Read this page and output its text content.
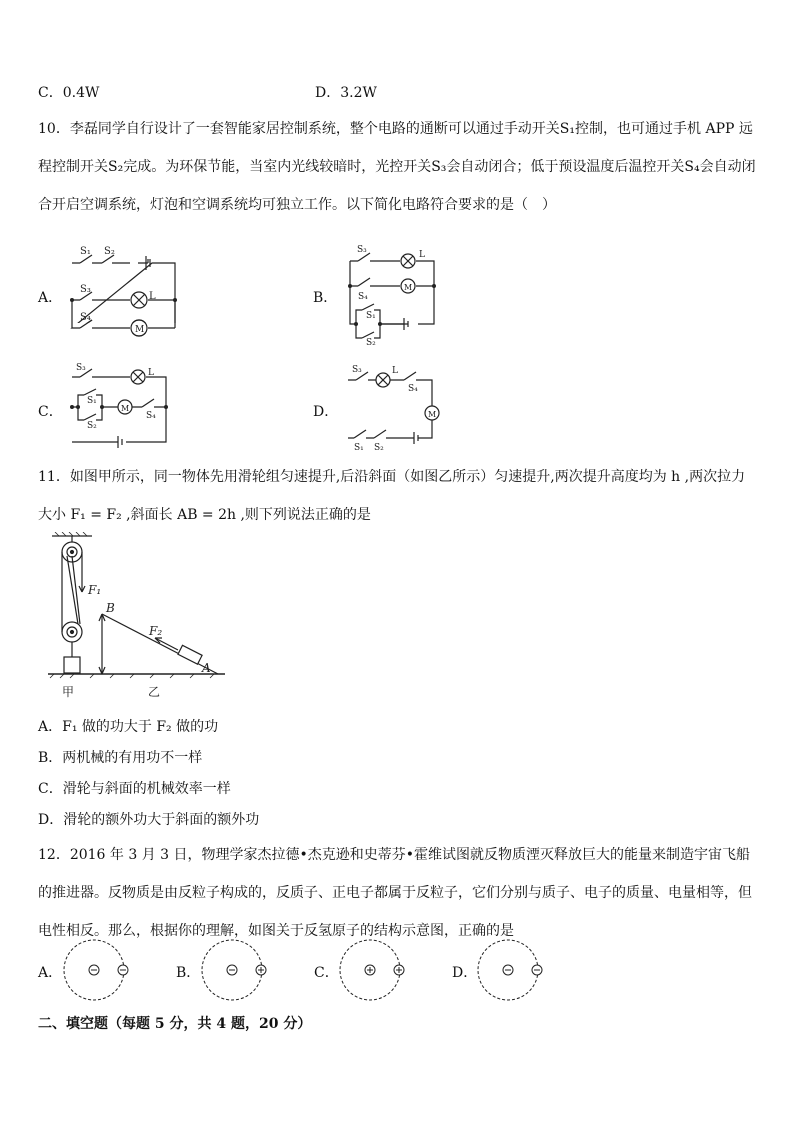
C．0.4W	D．3.2W
10．李磊同学自行设计了一套智能家居控制系统，整个电路的通断可以通过手动开关S₁控制，也可通过手机 APP 远程控制开关S₂完成。为环保节能，当室内光线较暗时，光控开关S₃会自动闭合；低于预设温度后温控开关S₄会自动闭合开启空调系统，灯泡和空调系统均可独立工作。以下简化电路符合要求的是（　）
A．
S₁ S₂
S₃
L
S₄
M
B．
S₃	L
S₄
M
S₁
S₂
C．
S₃	L
S₁
S₂
M
S₄	D．
S₃	L
S₄
M
S₁ S₂
11．如图甲所示，同一物体先用滑轮组匀速提升,后沿斜面（如图乙所示）匀速提升,两次提升高度均为 h ,两次拉力大小 F₁ = F₂ ,斜面长 AB = 2h ,则下列说法正确的是
F₁
F₂
B
A
甲	乙
A．F₁ 做的功大于 F₂ 做的功
B．两机械的有用功不一样
C．滑轮与斜面的机械效率一样
D．滑轮的额外功大于斜面的额外功
12．2016 年 3 月 3 日，物理学家杰拉德•杰克逊和史蒂芬•霍维试图就反物质湮灭释放巨大的能量来制造宇宙飞船的推进器。反物质是由反粒子构成的，反质子、正电子都属于反粒子，它们分别与质子、电子的质量、电量相等，但电性相反。那么，根据你的理解，如图关于反氢原子的结构示意图，正确的是
A．	B．	C．	D．
二、填空题（每题 5 分，共 4 题，20 分）
